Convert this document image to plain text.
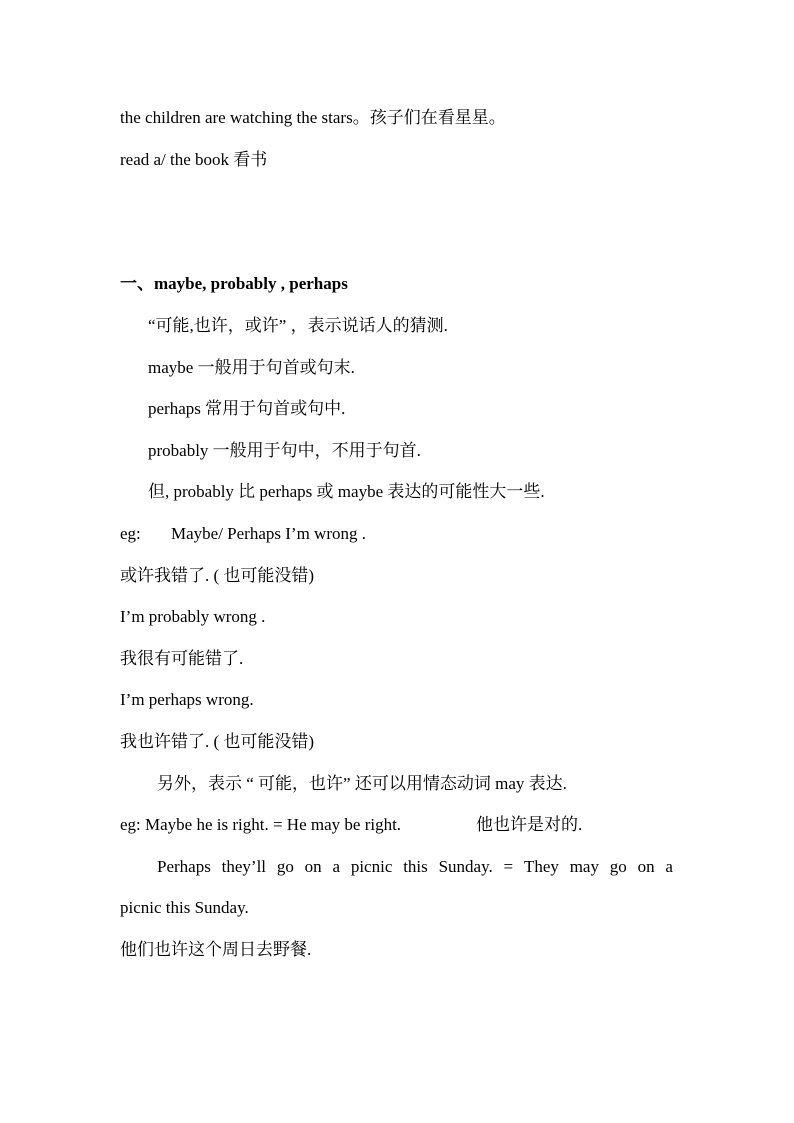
the children are watching the stars。孩子们在看星星。
read a/ the book 看书
一、maybe, probably , perhaps
“可能,也许，或许” ，表示说话人的猜测.
maybe 一般用于句首或句末.
perhaps 常用于句首或句中.
probably 一般用于句中，不用于句首.
但, probably 比 perhaps 或 maybe 表达的可能性大一些.
eg: Maybe/ Perhaps I’m wrong .
或许我错了. ( 也可能没错)
I’m probably wrong .
我很有可能错了.
I’m perhaps wrong.
我也许错了. ( 也可能没错)
另外，表示 “ 可能，也许” 还可以用情态动词 may 表达.
eg: Maybe he is right. = He may be right.	他也许是对的.
Perhaps they’ll go on a picnic this Sunday. = They may go on a
picnic this Sunday.
他们也许这个周日去野餐.
